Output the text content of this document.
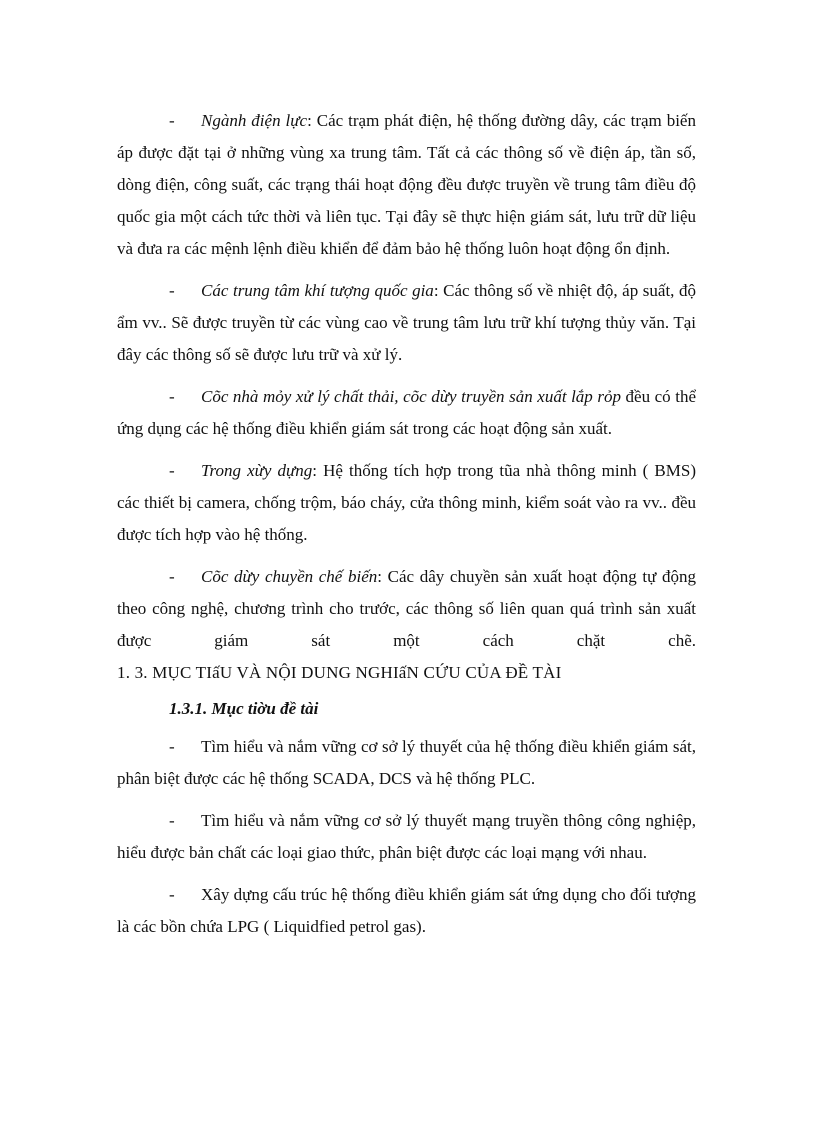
- Ngành điện lực: Các trạm phát điện, hệ thống đường dây, các trạm biến áp được đặt tại ở những vùng xa trung tâm. Tất cả các thông số về điện áp, tần số, dòng điện, công suất, các trạng thái hoạt động đều được truyền về trung tâm điều độ quốc gia một cách tức thời và liên tục. Tại đây sẽ thực hiện giám sát, lưu trữ dữ liệu và đưa ra các mệnh lệnh điều khiển để đảm bảo hệ thống luôn hoạt động ổn định.

- Các trung tâm khí tượng quốc gia: Các thông số về nhiệt độ, áp suất, độ ẩm vv.. Sẽ được truyền từ các vùng cao về trung tâm lưu trữ khí tượng thủy văn. Tại đây các thông số sẽ được lưu trữ và xử lý.

- Cõc nhà mỏy xử lý chất thải, cõc dừy truyền sản xuất lắp rỏp đều có thể ứng dụng các hệ thống điều khiển giám sát trong các hoạt động sản xuất.

- Trong xừy dựng: Hệ thống tích hợp trong tũa nhà thông minh ( BMS) các thiết bị camera, chống trộm, báo cháy, cửa thông minh, kiểm soát vào ra vv.. đều được tích hợp vào hệ thống.

- Cõc dừy chuyền chế biến: Các dây chuyền sản xuất hoạt động tự động theo công nghệ, chương trình cho trước, các thông số liên quan quá trình sản xuất được giám sát một cách chặt chẽ.

1. 3. MỤC TIấU VÀ NỘI DUNG NGHIấN CỨU CỦA ĐỀ TÀI

1.3.1. Mục tiờu đề tài

- Tìm hiểu và nắm vững cơ sở lý thuyết của hệ thống điều khiển giám sát, phân biệt được các hệ thống SCADA, DCS và hệ thống PLC.

- Tìm hiểu và nắm vững cơ sở lý thuyết mạng truyền thông công nghiệp, hiểu được bản chất các loại giao thức, phân biệt được các loại mạng với nhau.

- Xây dựng cấu trúc hệ thống điều khiển giám sát ứng dụng cho đối tượng là các bồn chứa LPG ( Liquidfied petrol gas).
